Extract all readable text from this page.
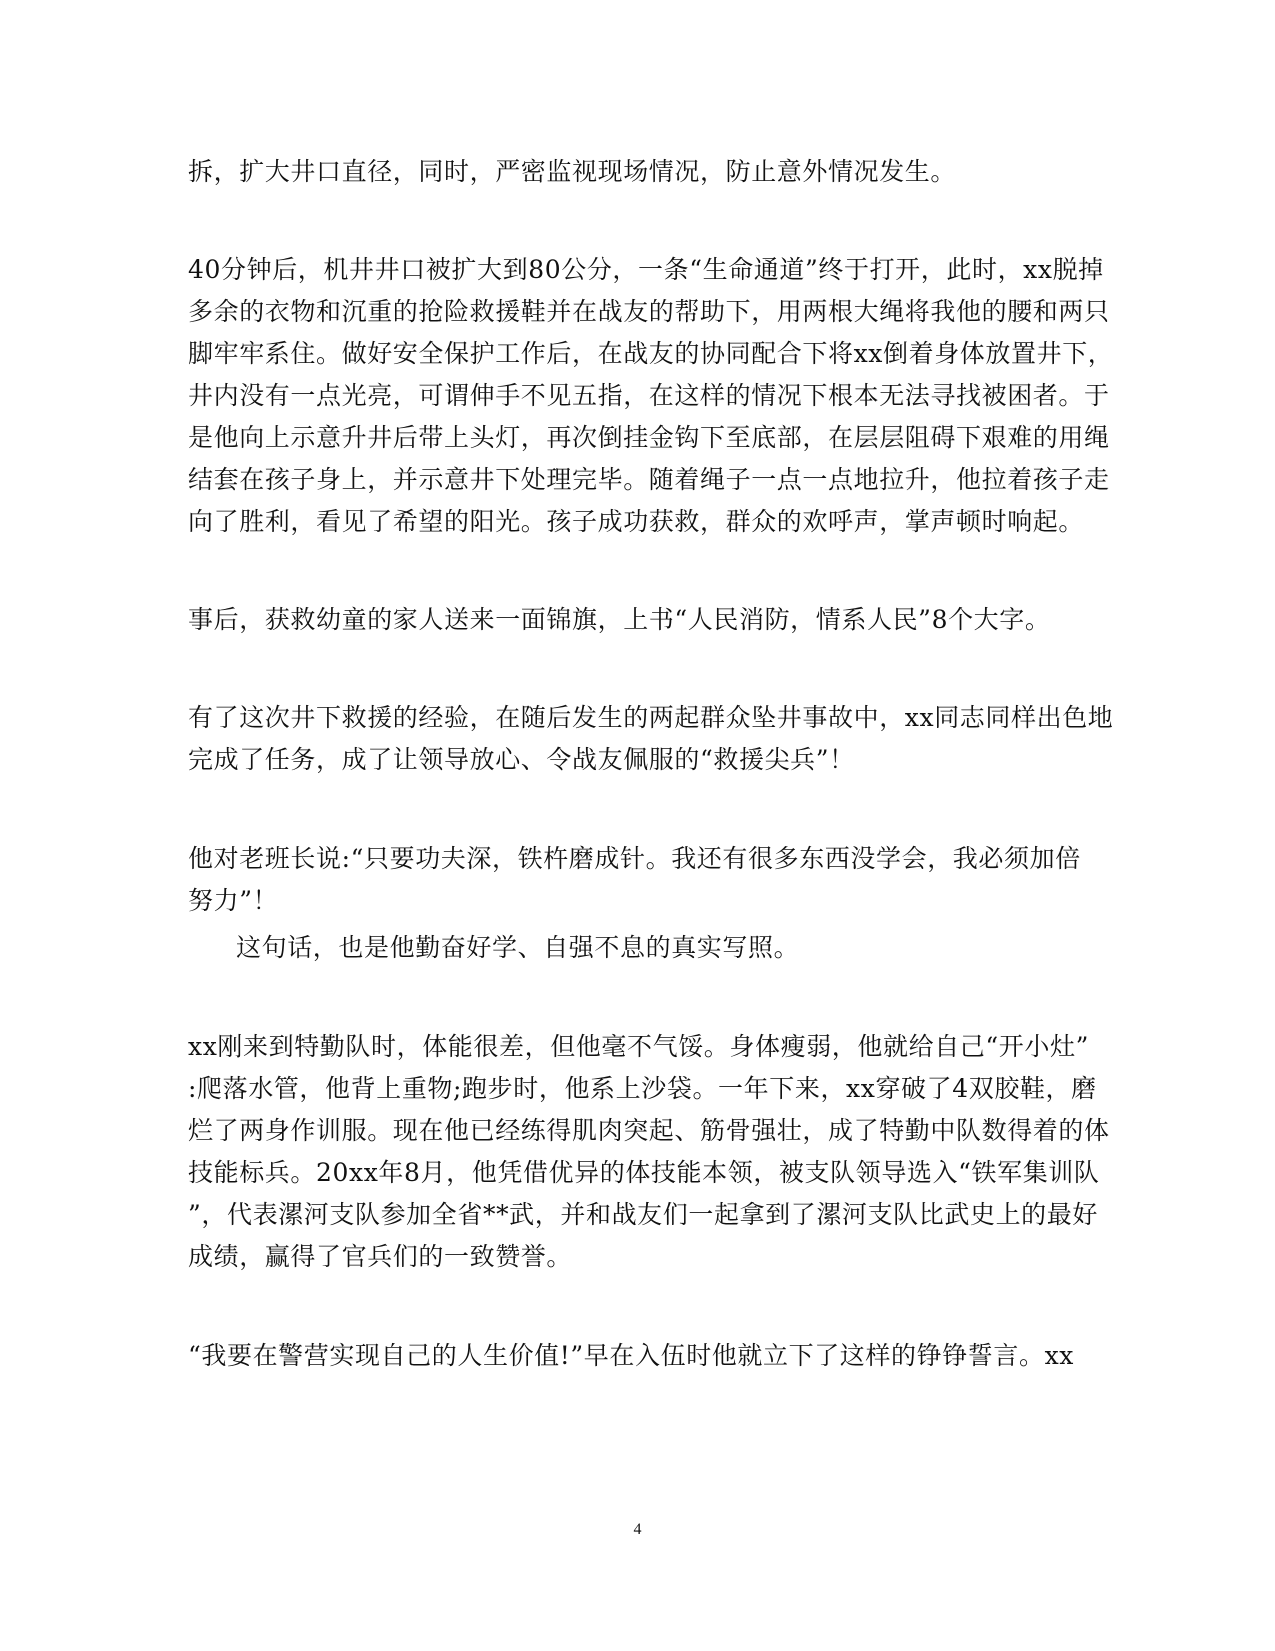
拆，扩大井口直径，同时，严密监视现场情况，防止意外情况发生。
40分钟后，机井井口被扩大到80公分，一条“生命通道”终于打开，此时，xx脱掉
多余的衣物和沉重的抢险救援鞋并在战友的帮助下，用两根大绳将我他的腰和两只
脚牢牢系住。做好安全保护工作后，在战友的协同配合下将xx倒着身体放置井下，
井内没有一点光亮，可谓伸手不见五指，在这样的情况下根本无法寻找被困者。于
是他向上示意升井后带上头灯，再次倒挂金钩下至底部，在层层阻碍下艰难的用绳
结套在孩子身上，并示意井下处理完毕。随着绳子一点一点地拉升，他拉着孩子走
向了胜利，看见了希望的阳光。孩子成功获救，群众的欢呼声，掌声顿时响起。
事后，获救幼童的家人送来一面锦旗，上书“人民消防，情系人民”8个大字。
有了这次井下救援的经验，在随后发生的两起群众坠井事故中，xx同志同样出色地
完成了任务，成了让领导放心、令战友佩服的“救援尖兵”！
他对老班长说:“只要功夫深，铁杵磨成针。我还有很多东西没学会，我必须加倍
努力”！
这句话，也是他勤奋好学、自强不息的真实写照。
xx刚来到特勤队时，体能很差，但他毫不气馁。身体瘦弱，他就给自己“开小灶”
:爬落水管，他背上重物;跑步时，他系上沙袋。一年下来，xx穿破了4双胶鞋，磨
烂了两身作训服。现在他已经练得肌肉突起、筋骨强壮，成了特勤中队数得着的体
技能标兵。20xx年8月，他凭借优异的体技能本领，被支队领导选入“铁军集训队
”，代表漯河支队参加全省**武，并和战友们一起拿到了漯河支队比武史上的最好
成绩，赢得了官兵们的一致赞誉。
“我要在警营实现自己的人生价值!”早在入伍时他就立下了这样的铮铮誓言。xx
4
